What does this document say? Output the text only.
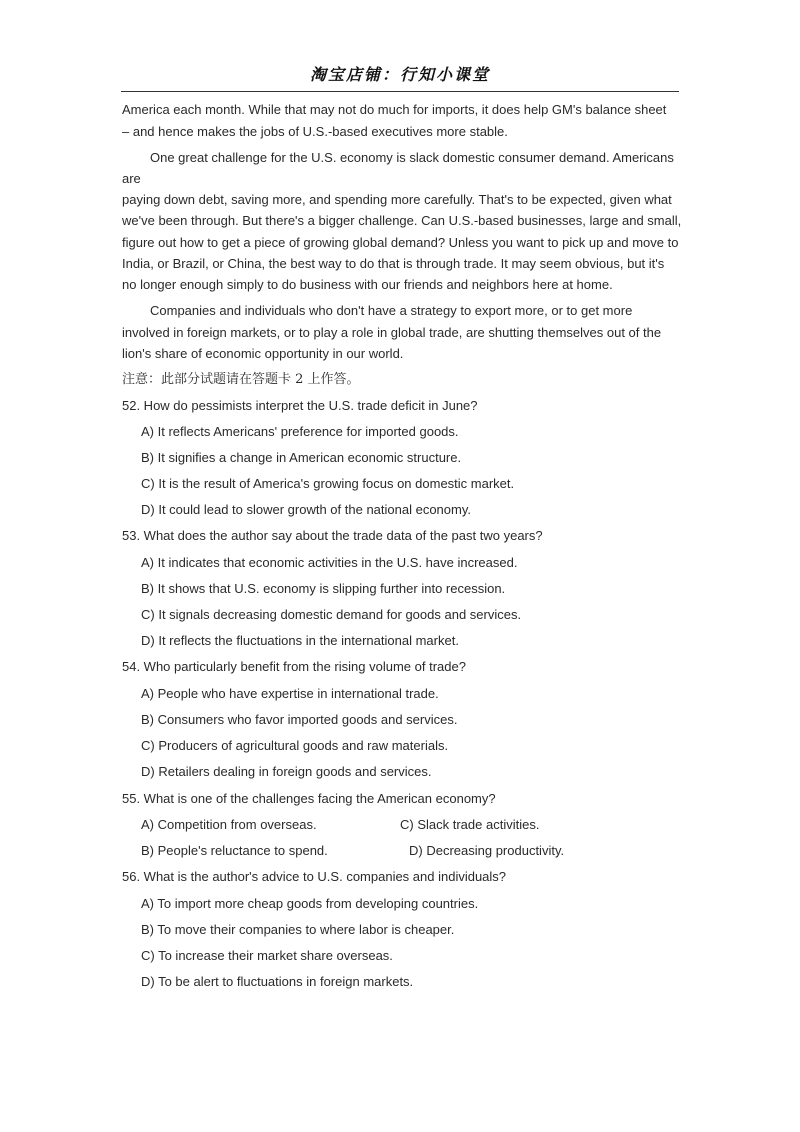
淘宝店铺：行知小课堂
America each month. While that may not do much for imports, it does help GM's balance sheet
– and hence makes the jobs of U.S.-based executives more stable.
One great challenge for the U.S. economy is slack domestic consumer demand. Americans
are
paying down debt, saving more, and spending more carefully. That's to be expected, given what
we've been through. But there's a bigger challenge. Can U.S.-based businesses, large and small,
figure out how to get a piece of growing global demand? Unless you want to pick up and move to
India, or Brazil, or China, the best way to do that is through trade. It may seem obvious, but it's
no longer enough simply to do business with our friends and neighbors here at home.
Companies and individuals who don't have a strategy to export more, or to get more
involved in foreign markets, or to play a role in global trade, are shutting themselves out of the
lion's share of economic opportunity in our world.
注意：此部分试题请在答题卡 2 上作答。
52. How do pessimists interpret the U.S. trade deficit in June?
A) It reflects Americans' preference for imported goods.
B) It signifies a change in American economic structure.
C) It is the result of America's growing focus on domestic market.
D) It could lead to slower growth of the national economy.
53. What does the author say about the trade data of the past two years?
A) It indicates that economic activities in the U.S. have increased.
B) It shows that U.S. economy is slipping further into recession.
C) It signals decreasing domestic demand for goods and services.
D) It reflects the fluctuations in the international market.
54. Who particularly benefit from the rising volume of trade?
A) People who have expertise in international trade.
B) Consumers who favor imported goods and services.
C) Producers of agricultural goods and raw materials.
D) Retailers dealing in foreign goods and services.
55. What is one of the challenges facing the American economy?
A) Competition from overseas.	C) Slack trade activities.
B) People's reluctance to spend.	D) Decreasing productivity.
56. What is the author's advice to U.S. companies and individuals?
A) To import more cheap goods from developing countries.
B) To move their companies to where labor is cheaper.
C) To increase their market share overseas.
D) To be alert to fluctuations in foreign markets.
